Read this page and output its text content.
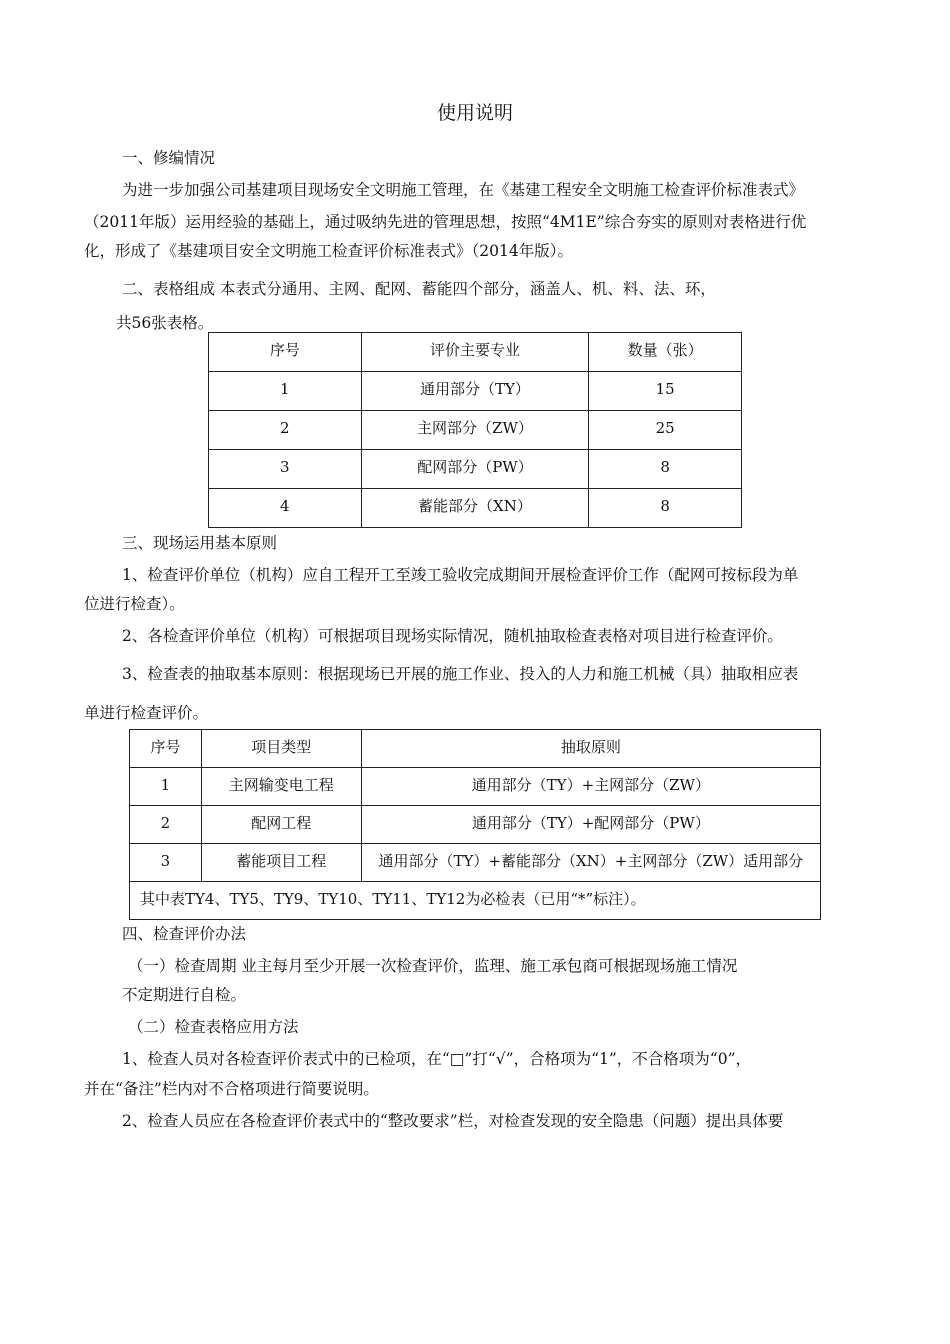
使用说明
一、修编情况
为进一步加强公司基建项目现场安全文明施工管理，在《基建工程安全文明施工检查评价标准表式》
（2011年版）运用经验的基础上，通过吸纳先进的管理思想，按照“4M1E”综合夯实的原则对表格进行优
化，形成了《基建项目安全文明施工检查评价标准表式》（2014年版）。
二、表格组成 本表式分通用、主网、配网、蓄能四个部分，涵盖人、机、料、法、环，
共56张表格。
序号	评价主要专业	数量（张）
1	通用部分（TY）	15
2	主网部分（ZW）	25
3	配网部分（PW）	8
4	蓄能部分（XN）	8
三、现场运用基本原则
1、检查评价单位（机构）应自工程开工至竣工验收完成期间开展检查评价工作（配网可按标段为单
位进行检查）。
2、各检查评价单位（机构）可根据项目现场实际情况，随机抽取检查表格对项目进行检查评价。
3、检查表的抽取基本原则：根据现场已开展的施工作业、投入的人力和施工机械（具）抽取相应表
单进行检查评价。
序号	项目类型	抽取原则
1	主网输变电工程	通用部分（TY）+主网部分（ZW）
2	配网工程	通用部分（TY）+配网部分（PW）
3	蓄能项目工程	通用部分（TY）+蓄能部分（XN）+主网部分（ZW）适用部分
其中表TY4、TY5、TY9、TY10、TY11、TY12为必检表（已用“*”标注）。		
四、检查评价办法
（一）检查周期 业主每月至少开展一次检查评价，监理、施工承包商可根据现场施工情况
不定期进行自检。
（二）检查表格应用方法
1、检查人员对各检查评价表式中的已检项，在“□”打“√”，合格项为“1”，不合格项为“0”，
并在“备注”栏内对不合格项进行简要说明。
2、检查人员应在各检查评价表式中的“整改要求”栏，对检查发现的安全隐患（问题）提出具体要
